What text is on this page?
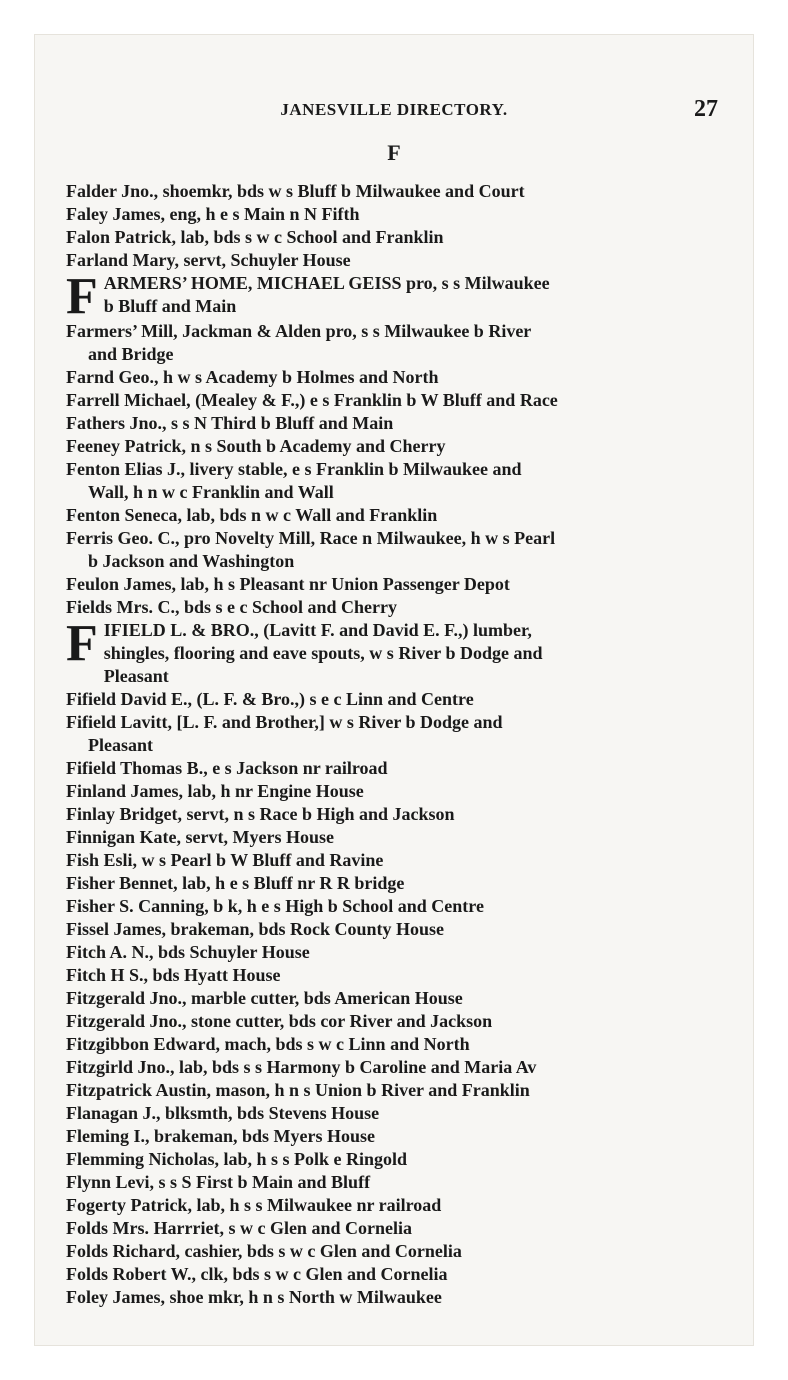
JANESVILLE DIRECTORY.	27
F
Falder Jno., shoemkr, bds w s Bluff b Milwaukee and Court
Faley James, eng, h e s Main n N Fifth
Falon Patrick, lab, bds s w c School and Franklin
Farland Mary, servt, Schuyler House
F ARMERS’ HOME, MICHAEL GEISS pro, s s Milwaukee
b Bluff and Main
Farmers’ Mill, Jackman & Alden pro, s s Milwaukee b River
and Bridge
Farnd Geo., h w s Academy b Holmes and North
Farrell Michael, (Mealey & F.,) e s Franklin b W Bluff and Race
Fathers Jno., s s N Third b Bluff and Main
Feeney Patrick, n s South b Academy and Cherry
Fenton Elias J., livery stable, e s Franklin b Milwaukee and
Wall, h n w c Franklin and Wall
Fenton Seneca, lab, bds n w c Wall and Franklin
Ferris Geo. C., pro Novelty Mill, Race n Milwaukee, h w s Pearl
b Jackson and Washington
Feulon James, lab, h s Pleasant nr Union Passenger Depot
Fields Mrs. C., bds s e c School and Cherry
F IFIELD L. & BRO., (Lavitt F. and David E. F.,) lumber,
shingles, flooring and eave spouts, w s River b Dodge and
Pleasant
Fifield David E., (L. F. & Bro.,) s e c Linn and Centre
Fifield Lavitt, [L. F. and Brother,] w s River b Dodge and
Pleasant
Fifield Thomas B., e s Jackson nr railroad
Finland James, lab, h nr Engine House
Finlay Bridget, servt, n s Race b High and Jackson
Finnigan Kate, servt, Myers House
Fish Esli, w s Pearl b W Bluff and Ravine
Fisher Bennet, lab, h e s Bluff nr R R bridge
Fisher S. Canning, b k, h e s High b School and Centre
Fissel James, brakeman, bds Rock County House
Fitch A. N., bds Schuyler House
Fitch H S., bds Hyatt House
Fitzgerald Jno., marble cutter, bds American House
Fitzgerald Jno., stone cutter, bds cor River and Jackson
Fitzgibbon Edward, mach, bds s w c Linn and North
Fitzgirld Jno., lab, bds s s Harmony b Caroline and Maria Av
Fitzpatrick Austin, mason, h n s Union b River and Franklin
Flanagan J., blksmth, bds Stevens House
Fleming I., brakeman, bds Myers House
Flemming Nicholas, lab, h s s Polk e Ringold
Flynn Levi, s s S First b Main and Bluff
Fogerty Patrick, lab, h s s Milwaukee nr railroad
Folds Mrs. Harrriet, s w c Glen and Cornelia
Folds Richard, cashier, bds s w c Glen and Cornelia
Folds Robert W., clk, bds s w c Glen and Cornelia
Foley James, shoe mkr, h n s North w Milwaukee
